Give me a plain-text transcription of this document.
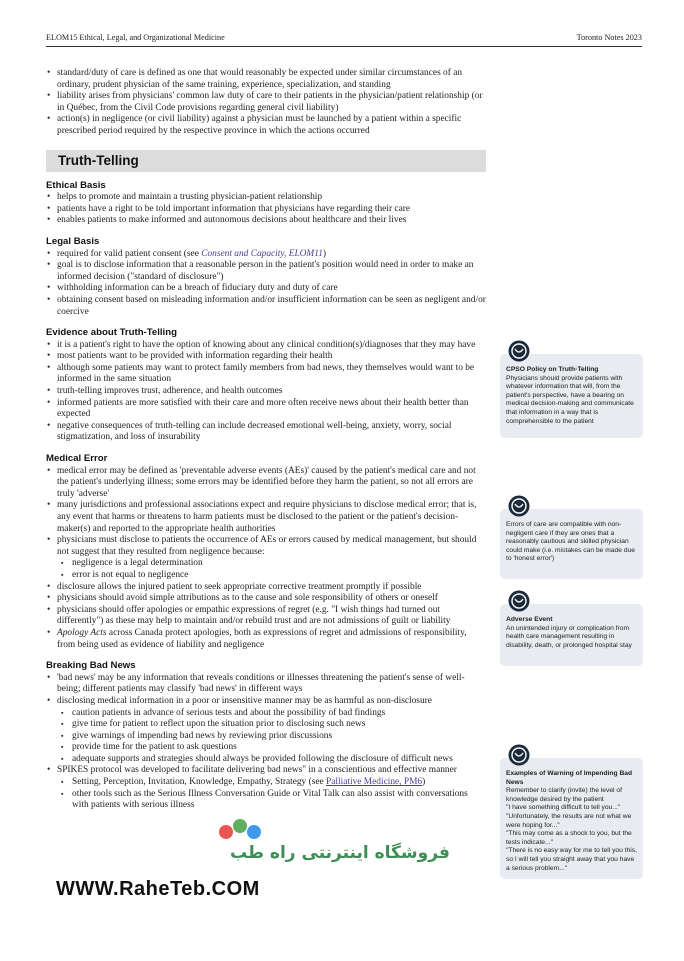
ELOM15 Ethical, Legal, and Organizational Medicine	Toronto Notes 2023
• standard/duty of care is defined as one that would reasonably be expected under similar circumstances of an ordinary, prudent physician of the same training, experience, specialization, and standing
• liability arises from physicians' common law duty of care to their patients in the physician/patient relationship (or in Québec, from the Civil Code provisions regarding general civil liability)
• action(s) in negligence (or civil liability) against a physician must be launched by a patient within a specific prescribed period required by the respective province in which the actions occurred
Truth-Telling
Ethical Basis
• helps to promote and maintain a trusting physician-patient relationship
• patients have a right to be told important information that physicians have regarding their care
• enables patients to make informed and autonomous decisions about healthcare and their lives
Legal Basis
• required for valid patient consent (see Consent and Capacity, ELOM11)
• goal is to disclose information that a reasonable person in the patient's position would need in order to make an informed decision ("standard of disclosure")
• withholding information can be a breach of fiduciary duty and duty of care
• obtaining consent based on misleading information and/or insufficient information can be seen as negligent and/or coercive
Evidence about Truth-Telling
• it is a patient's right to have the option of knowing about any clinical condition(s)/diagnoses that they may have
• most patients want to be provided with information regarding their health
• although some patients may want to protect family members from bad news, they themselves would want to be informed in the same situation
• truth-telling improves trust, adherence, and health outcomes
• informed patients are more satisfied with their care and more often receive news about their health better than expected
• negative consequences of truth-telling can include decreased emotional well-being, anxiety, worry, social stigmatization, and loss of insurability
Medical Error
• medical error may be defined as 'preventable adverse events (AEs)' caused by the patient's medical care and not the patient's underlying illness; some errors may be identified before they harm the patient, so not all errors are truly 'adverse'
• many jurisdictions and professional associations expect and require physicians to disclose medical error; that is, any event that harms or threatens to harm patients must be disclosed to the patient or the patient's decision-maker(s) and reported to the appropriate health authorities
• physicians must disclose to patients the occurrence of AEs or errors caused by medical management, but should not suggest that they resulted from negligence because:
▪ negligence is a legal determination
▪ error is not equal to negligence
• disclosure allows the injured patient to seek appropriate corrective treatment promptly if possible
• physicians should avoid simple attributions as to the cause and sole responsibility of others or oneself
• physicians should offer apologies or empathic expressions of regret (e.g. "I wish things had turned out differently") as these may help to maintain and/or rebuild trust and are not admissions of guilt or liability
• Apology Acts across Canada protect apologies, both as expressions of regret and admissions of responsibility, from being used as evidence of liability and negligence
Breaking Bad News
• 'bad news' may be any information that reveals conditions or illnesses threatening the patient's sense of well-being; different patients may classify 'bad news' in different ways
• disclosing medical information in a poor or insensitive manner may be as harmful as non-disclosure
▪ caution patients in advance of serious tests and about the possibility of bad findings
▪ give time for patient to reflect upon the situation prior to disclosing such news
▪ give warnings of impending bad news by reviewing prior discussions
▪ provide time for the patient to ask questions
▪ adequate supports and strategies should always be provided following the disclosure of difficult news
• SPIKES protocol was developed to facilitate delivering bad news" in a conscientious and effective manner
▪ Setting, Perception, Invitation, Knowledge, Empathy, Strategy (see Palliative Medicine, PM6)
▪ other tools such as the Serious Illness Conversation Guide or Vital Talk can also assist with conversations with patients with serious illness
CPSO Policy on Truth-Telling
Physicians should provide patients with whatever information that will, from the patient's perspective, have a bearing on medical decision-making and communicate that information in a way that is comprehensible to the patient
Errors of care are compatible with non-negligent care if they are ones that a reasonably cautious and skilled physician could make (i.e. mistakes can be made due to 'honest error')
Adverse Event
An unintended injury or complication from health care management resulting in disability, death, or prolonged hospital stay
Examples of Warning of Impending Bad News
Remember to clarify (invite) the level of knowledge desired by the patient
"I have something difficult to tell you..."
"Unfortunately, the results are not what we were hoping for..."
"This may come as a shock to you, but the tests indicate..."
"There is no easy way for me to tell you this, so I will tell you straight away that you have a serious problem..."
فروشگاه اینترنتی راه طب
WWW.RaheTeb.COM
